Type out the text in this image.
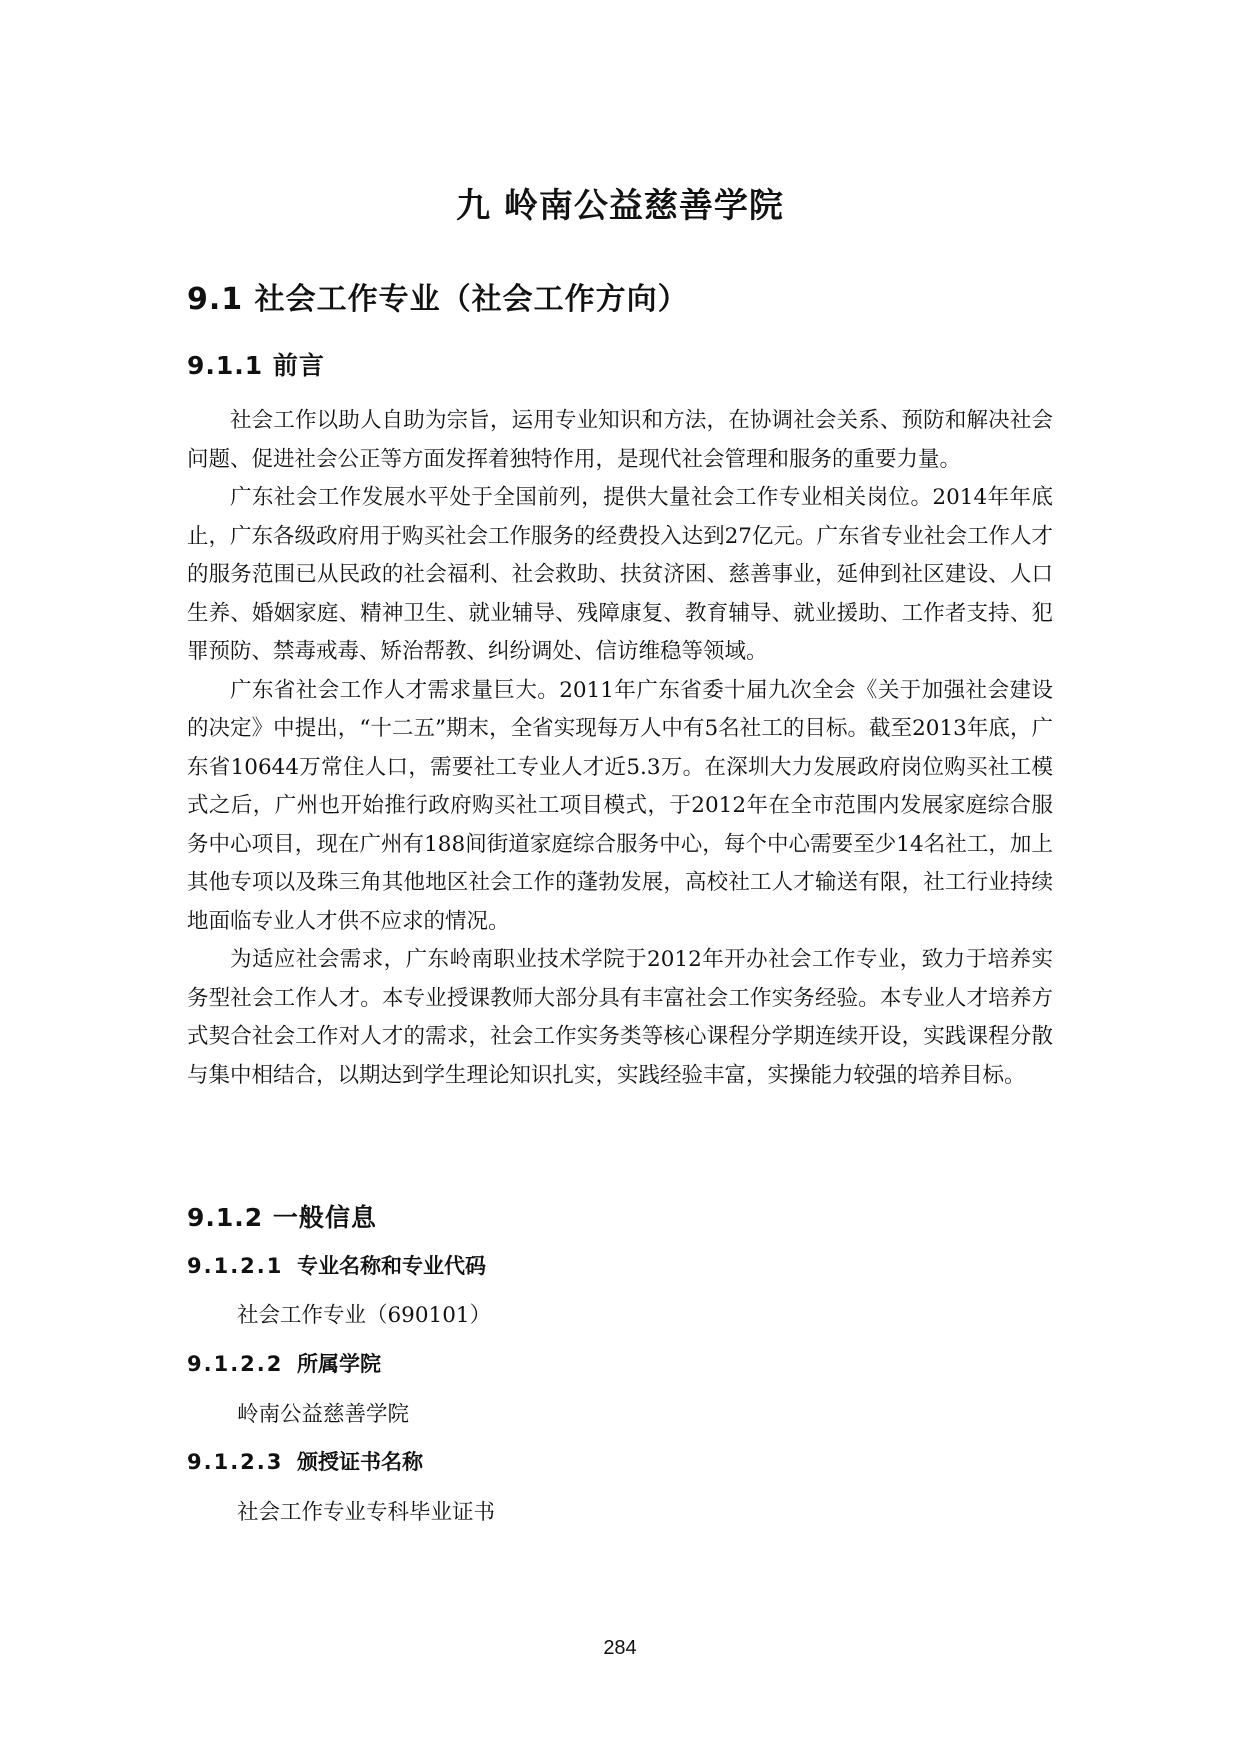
九 岭南公益慈善学院
9.1 社会工作专业（社会工作方向）
9.1.1 前言

社会工作以助人自助为宗旨，运用专业知识和方法，在协调社会关系、预防和解决社会问题、促进社会公正等方面发挥着独特作用，是现代社会管理和服务的重要力量。

广东社会工作发展水平处于全国前列，提供大量社会工作专业相关岗位。2014年年底止，广东各级政府用于购买社会工作服务的经费投入达到27亿元。广东省专业社会工作人才的服务范围已从民政的社会福利、社会救助、扶贫济困、慈善事业，延伸到社区建设、人口生养、婚姻家庭、精神卫生、就业辅导、残障康复、教育辅导、就业援助、工作者支持、犯罪预防、禁毒戒毒、矫治帮教、纠纷调处、信访维稳等领域。

广东省社会工作人才需求量巨大。2011年广东省委十届九次全会《关于加强社会建设的决定》中提出，“十二五”期末，全省实现每万人中有5名社工的目标。截至2013年底，广东省10644万常住人口，需要社工专业人才近5.3万。在深圳大力发展政府岗位购买社工模式之后，广州也开始推行政府购买社工项目模式，于2012年在全市范围内发展家庭综合服务中心项目，现在广州有188间街道家庭综合服务中心，每个中心需要至少14名社工，加上其他专项以及珠三角其他地区社会工作的蓬勃发展，高校社工人才输送有限，社工行业持续地面临专业人才供不应求的情况。

为适应社会需求，广东岭南职业技术学院于2012年开办社会工作专业，致力于培养实务型社会工作人才。本专业授课教师大部分具有丰富社会工作实务经验。本专业人才培养方式契合社会工作对人才的需求，社会工作实务类等核心课程分学期连续开设，实践课程分散与集中相结合，以期达到学生理论知识扎实，实践经验丰富，实操能力较强的培养目标。

9.1.2 一般信息
9.1.2.1 专业名称和专业代码

社会工作专业（690101）

9.1.2.2 所属学院

岭南公益慈善学院

9.1.2.3 颁授证书名称

社会工作专业专科毕业证书

284
